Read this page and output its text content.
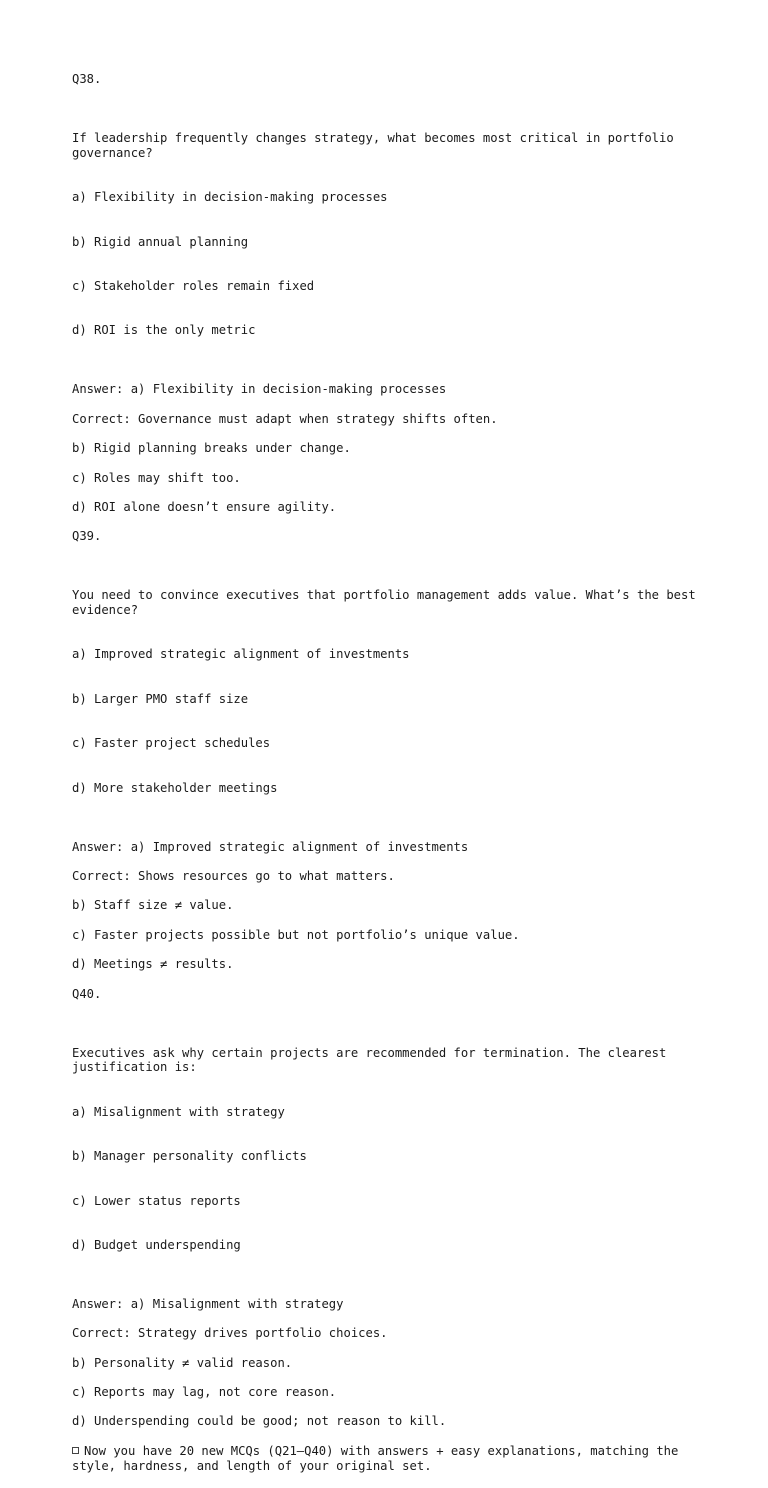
Q38.

If leadership frequently changes strategy, what becomes most critical in portfolio governance?

a) Flexibility in decision-making processes

b) Rigid annual planning

c) Stakeholder roles remain fixed

d) ROI is the only metric

Answer: a) Flexibility in decision-making processes
Correct: Governance must adapt when strategy shifts often.
b) Rigid planning breaks under change.
c) Roles may shift too.
d) ROI alone doesn’t ensure agility.
Q39.

You need to convince executives that portfolio management adds value. What’s the best evidence?

a) Improved strategic alignment of investments

b) Larger PMO staff size

c) Faster project schedules

d) More stakeholder meetings

Answer: a) Improved strategic alignment of investments
Correct: Shows resources go to what matters.
b) Staff size ≠ value.
c) Faster projects possible but not portfolio’s unique value.
d) Meetings ≠ results.
Q40.

Executives ask why certain projects are recommended for termination. The clearest justification is:

a) Misalignment with strategy

b) Manager personality conflicts

c) Lower status reports

d) Budget underspending

Answer: a) Misalignment with strategy
Correct: Strategy drives portfolio choices.
b) Personality ≠ valid reason.
c) Reports may lag, not core reason.
d) Underspending could be good; not reason to kill.
Now you have 20 new MCQs (Q21–Q40) with answers + easy explanations, matching the style, hardness, and length of your original set.
